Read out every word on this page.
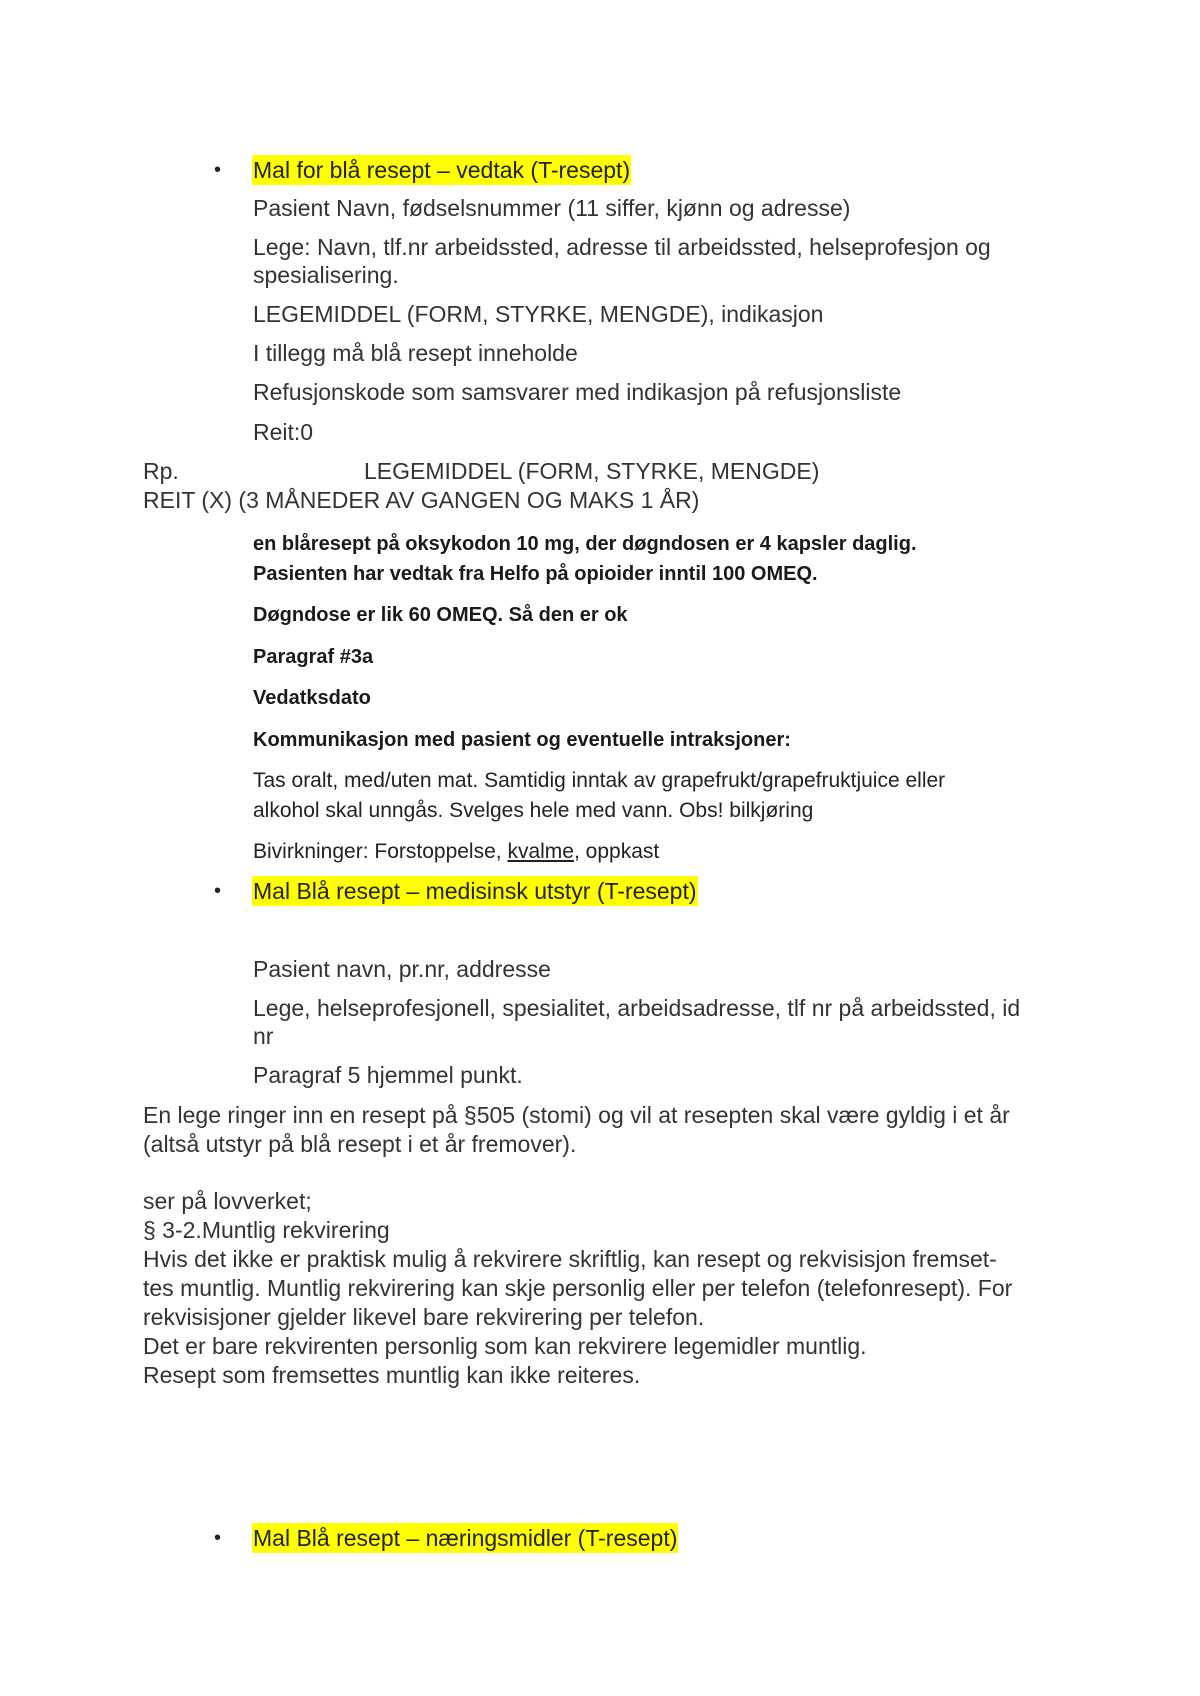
•	Mal for blå resept – vedtak (T-resept)
Pasient Navn, fødselsnummer (11 siffer, kjønn og adresse)
Lege: Navn, tlf.nr arbeidssted, adresse til arbeidssted, helseprofesjon og
spesialisering.
LEGEMIDDEL (FORM, STYRKE, MENGDE), indikasjon
I tillegg må blå resept inneholde
Refusjonskode som samsvarer med indikasjon på refusjonsliste
Reit:0
Rp.	LEGEMIDDEL (FORM, STYRKE, MENGDE)
REIT (X) (3 MÅNEDER AV GANGEN OG MAKS 1 ÅR)
en blåresept på oksykodon 10 mg, der døgndosen er 4 kapsler daglig.
Pasienten har vedtak fra Helfo på opioider inntil 100 OMEQ.
Døgndose er lik 60 OMEQ. Så den er ok
Paragraf #3a
Vedatksdato
Kommunikasjon med pasient og eventuelle intraksjoner:
Tas oralt, med/uten mat. Samtidig inntak av grapefrukt/grapefruktjuice eller
alkohol skal unngås. Svelges hele med vann. Obs! bilkjøring
Bivirkninger: Forstoppelse, kvalme, oppkast
•	Mal Blå resept – medisinsk utstyr (T-resept)
Pasient navn, pr.nr, addresse
Lege, helseprofesjonell, spesialitet, arbeidsadresse, tlf nr på arbeidssted, id
nr
Paragraf 5 hjemmel punkt.
En lege ringer inn en resept på §505 (stomi) og vil at resepten skal være gyldig i et år
(altså utstyr på blå resept i et år fremover).
ser på lovverket;
§ 3-2.Muntlig rekvirering
Hvis det ikke er praktisk mulig å rekvirere skriftlig, kan resept og rekvisisjon fremset-
tes muntlig. Muntlig rekvirering kan skje personlig eller per telefon (telefonresept). For
rekvisisjoner gjelder likevel bare rekvirering per telefon.
Det er bare rekvirenten personlig som kan rekvirere legemidler muntlig.
Resept som fremsettes muntlig kan ikke reiteres.
•	Mal Blå resept – næringsmidler (T-resept)
